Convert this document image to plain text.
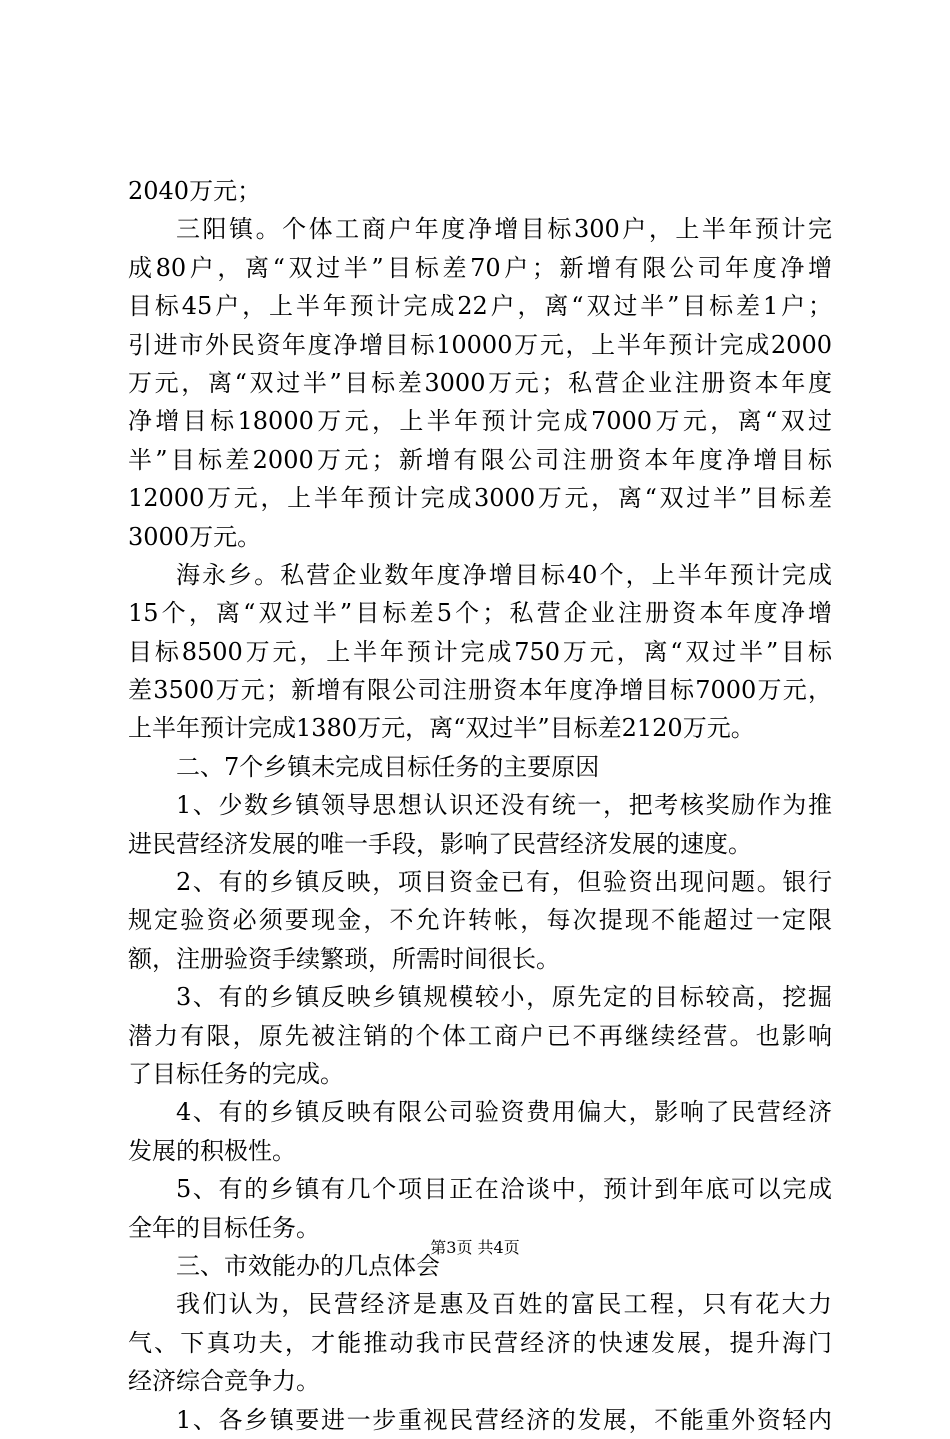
2040万元；
三阳镇。个体工商户年度净增目标300户，上半年预计完
成80户，离“双过半”目标差70户；新增有限公司年度净增
目标45户，上半年预计完成22户，离“双过半”目标差1户；
引进市外民资年度净增目标10000万元，上半年预计完成2000
万元，离“双过半”目标差3000万元；私营企业注册资本年度
净增目标18000万元，上半年预计完成7000万元，离“双过
半”目标差2000万元；新增有限公司注册资本年度净增目标
12000万元，上半年预计完成3000万元，离“双过半”目标差
3000万元。
海永乡。私营企业数年度净增目标40个，上半年预计完成
15个，离“双过半”目标差5个；私营企业注册资本年度净增
目标8500万元，上半年预计完成750万元，离“双过半”目标
差3500万元；新增有限公司注册资本年度净增目标7000万元，
上半年预计完成1380万元，离“双过半”目标差2120万元。
二、7个乡镇未完成目标任务的主要原因
1、少数乡镇领导思想认识还没有统一，把考核奖励作为推
进民营经济发展的唯一手段，影响了民营经济发展的速度。
2、有的乡镇反映，项目资金已有，但验资出现问题。银行
规定验资必须要现金，不允许转帐，每次提现不能超过一定限
额，注册验资手续繁琐，所需时间很长。
3、有的乡镇反映乡镇规模较小，原先定的目标较高，挖掘
潜力有限，原先被注销的个体工商户已不再继续经营。也影响
了目标任务的完成。
4、有的乡镇反映有限公司验资费用偏大，影响了民营经济
发展的积极性。
5、有的乡镇有几个项目正在洽谈中，预计到年底可以完成
全年的目标任务。
三、市效能办的几点体会
我们认为，民营经济是惠及百姓的富民工程，只有花大力
气、下真功夫，才能推动我市民营经济的快速发展，提升海门
经济综合竞争力。
1、各乡镇要进一步重视民营经济的发展，不能重外资轻内
第3页 共4页
